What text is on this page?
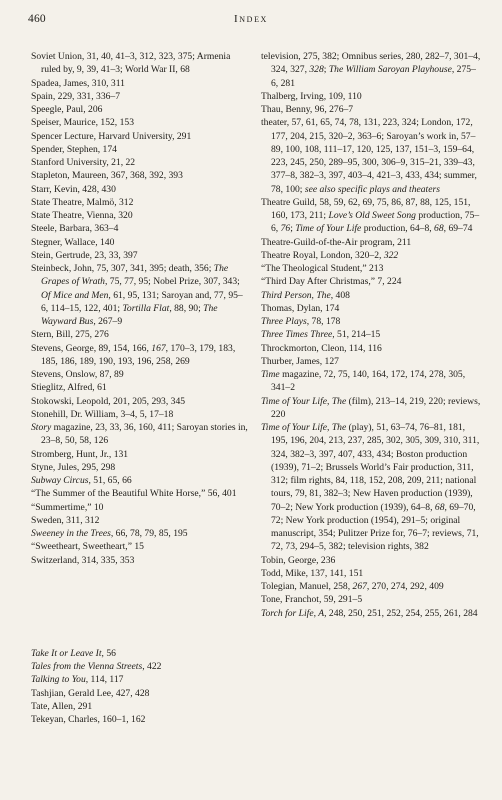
460	Index

Soviet Union, 31, 40, 41–3, 312, 323, 375; Armenia ruled by, 9, 39, 41–3; World War II, 68

Spadea, James, 310, 311

Spain, 229, 331, 336–7

Speegle, Paul, 206

Speiser, Maurice, 152, 153

Spencer Lecture, Harvard University, 291

Spender, Stephen, 174

Stanford University, 21, 22

Stapleton, Maureen, 367, 368, 392, 393

Starr, Kevin, 428, 430

State Theatre, Malmö, 312

State Theatre, Vienna, 320

Steele, Barbara, 363–4

Stegner, Wallace, 140

Stein, Gertrude, 23, 33, 397

Steinbeck, John, 75, 307, 341, 395; death, 356; The Grapes of Wrath, 75, 77, 95; Nobel Prize, 307, 343; Of Mice and Men, 61, 95, 131; Saroyan and, 77, 95–6, 114–15, 122, 401; Tortilla Flat, 88, 90; The Wayward Bus, 267–9

Stern, Bill, 275, 276

Stevens, George, 89, 154, 166, 167, 170–3, 179, 183, 185, 186, 189, 190, 193, 196, 258, 269

Stevens, Onslow, 87, 89

Stieglitz, Alfred, 61

Stokowski, Leopold, 201, 205, 293, 345

Stonehill, Dr. William, 3–4, 5, 17–18

Story magazine, 23, 33, 36, 160, 411; Saroyan stories in, 23–8, 50, 58, 126

Stromberg, Hunt, Jr., 131

Styne, Jules, 295, 298

Subway Circus, 51, 65, 66

“The Summer of the Beautiful White Horse,” 56, 401

“Summertime,” 10

Sweden, 311, 312

Sweeney in the Trees, 66, 78, 79, 85, 195

“Sweetheart, Sweetheart,” 15

Switzerland, 314, 335, 353

Take It or Leave It, 56

Tales from the Vienna Streets, 422

Talking to You, 114, 117

Tashjian, Gerald Lee, 427, 428

Tate, Allen, 291

Tekeyan, Charles, 160–1, 162

television, 275, 382; Omnibus series, 280, 282–7, 301–4, 324, 327, 328; The William Saroyan Playhouse, 275–6, 281

Thalberg, Irving, 109, 110

Thau, Benny, 96, 276–7

theater, 57, 61, 65, 74, 78, 131, 223, 324; London, 172, 177, 204, 215, 320–2, 363–6; Saroyan’s work in, 57–89, 100, 108, 111–17, 120, 125, 137, 151–3, 159–64, 223, 245, 250, 289–95, 300, 306–9, 315–21, 339–43, 377–8, 382–3, 397, 403–4, 421–3, 433, 434; summer, 78, 100; see also specific plays and theaters

Theatre Guild, 58, 59, 62, 69, 75, 86, 87, 88, 125, 151, 160, 173, 211; Love’s Old Sweet Song production, 75–6, 76; Time of Your Life production, 64–8, 68, 69–74

Theatre-Guild-of-the-Air program, 211

Theatre Royal, London, 320–2, 322

“The Theological Student,” 213

“Third Day After Christmas,” 7, 224

Third Person, The, 408

Thomas, Dylan, 174

Three Plays, 78, 178

Three Times Three, 51, 214–15

Throckmorton, Cleon, 114, 116

Thurber, James, 127

Time magazine, 72, 75, 140, 164, 172, 174, 278, 305, 341–2

Time of Your Life, The (film), 213–14, 219, 220; reviews, 220

Time of Your Life, The (play), 51, 63–74, 76–81, 181, 195, 196, 204, 213, 237, 285, 302, 305, 309, 310, 311, 324, 382–3, 397, 407, 433, 434; Boston production (1939), 71–2; Brussels World’s Fair production, 311, 312; film rights, 84, 118, 152, 208, 209, 211; national tours, 79, 81, 382–3; New Haven production (1939), 70–2; New York production (1939), 64–8, 68, 69–70, 72; New York production (1954), 291–5; original manuscript, 354; Pulitzer Prize for, 76–7; reviews, 71, 72, 73, 294–5, 382; television rights, 382

Tobin, George, 236

Todd, Mike, 137, 141, 151

Tolegian, Manuel, 258, 267, 270, 274, 292, 409

Tone, Franchot, 59, 291–5

Torch for Life, A, 248, 250, 251, 252, 254, 255, 261, 284
